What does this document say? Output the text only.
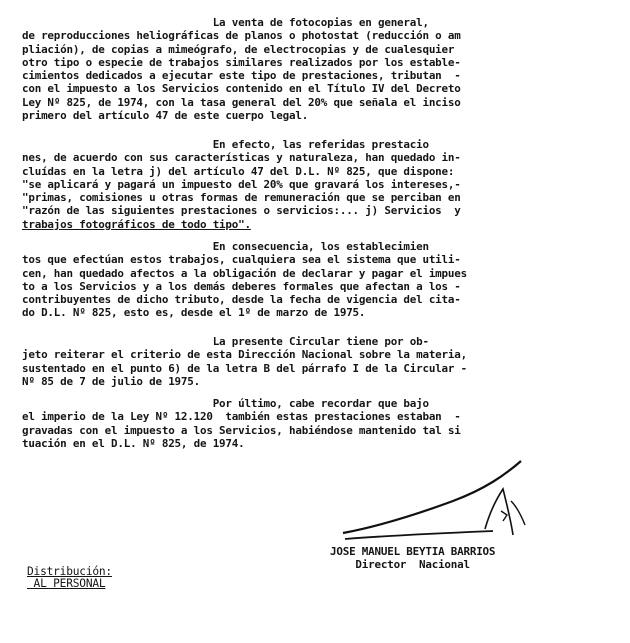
La venta de fotocopias en general,
de reproducciones heliográficas de planos o photostat (reducción o am
pliación), de copias a mimeógrafo, de electrocopias y de cualesquier
otro tipo o especie de trabajos similares realizados por los estable-
cimientos dedicados a ejecutar este tipo de prestaciones, tributan  -
con el impuesto a los Servicios contenido en el Título IV del Decreto
Ley Nº 825, de 1974, con la tasa general del 20% que señala el inciso
primero del artículo 47 de este cuerpo legal.
En efecto, las referidas prestacio
nes, de acuerdo con sus características y naturaleza, han quedado in-
cluídas en la letra j) del artículo 47 del D.L. Nº 825, que dispone:
"se aplicará y pagará un impuesto del 20% que gravará los intereses,-
"primas, comisiones u otras formas de remuneración que se perciban en
"razón de las siguientes prestaciones o servicios:... j) Servicios  y
trabajos fotográficos de todo tipo".
En consecuencia, los establecimien
tos que efectúan estos trabajos, cualquiera sea el sistema que utili-
cen, han quedado afectos a la obligación de declarar y pagar el impues
to a los Servicios y a los demás deberes formales que afectan a los -
contribuyentes de dicho tributo, desde la fecha de vigencia del cita-
do D.L. Nº 825, esto es, desde el 1º de marzo de 1975.
La presente Circular tiene por ob-
jeto reiterar el criterio de esta Dirección Nacional sobre la materia,
sustentado en el punto 6) de la letra B del párrafo I de la Circular -
Nº 85 de 7 de julio de 1975.
Por último, cabe recordar que bajo
el imperio de la Ley Nº 12.120  también estas prestaciones estaban  -
gravadas con el impuesto a los Servicios, habiéndose mantenido tal si
tuación en el D.L. Nº 825, de 1974.
JOSE MANUEL BEYTIA BARRIOS
Director  Nacional
Distribución:
AL PERSONAL
